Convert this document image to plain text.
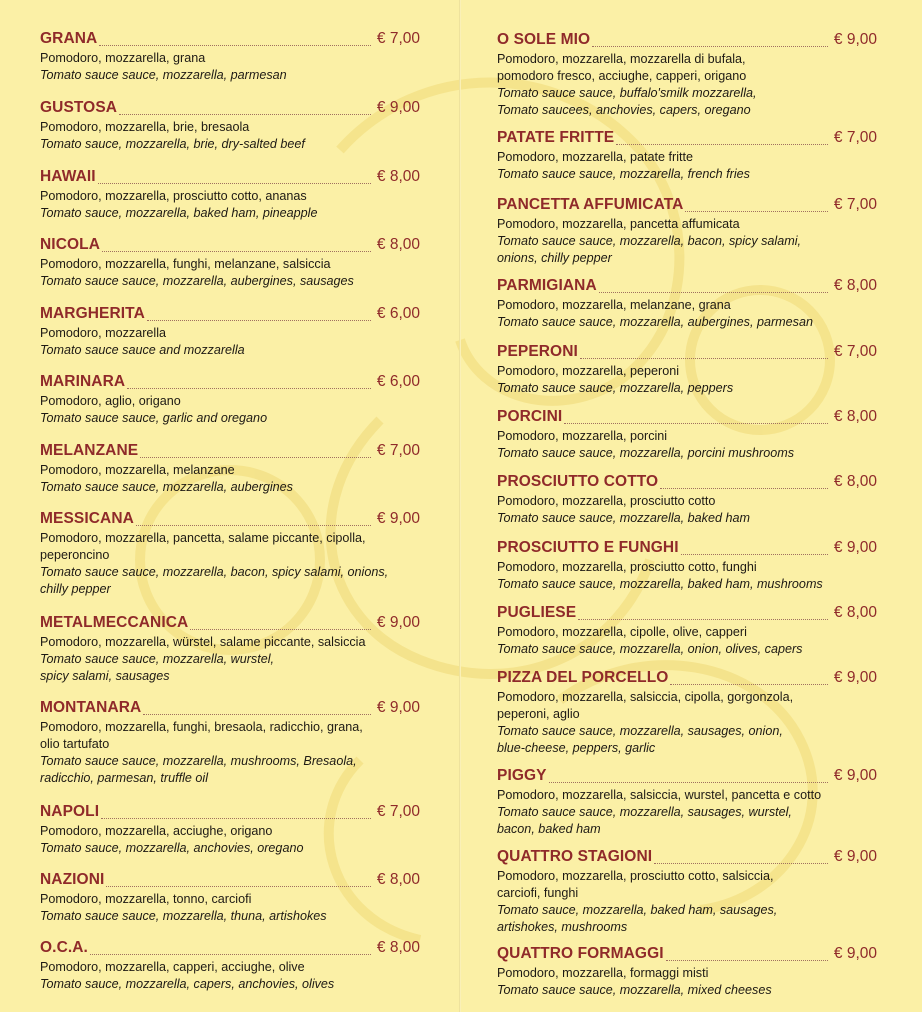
GRANA	€ 7,00
Pomodoro, mozzarella, grana
Tomato sauce sauce, mozzarella, parmesan
GUSTOSA	€ 9,00
Pomodoro, mozzarella, brie, bresaola
Tomato sauce, mozzarella, brie, dry-salted beef
HAWAII	€ 8,00
Pomodoro, mozzarella, prosciutto cotto, ananas
Tomato sauce, mozzarella, baked ham, pineapple
NICOLA	€ 8,00
Pomodoro, mozzarella, funghi, melanzane, salsiccia
Tomato sauce sauce, mozzarella, aubergines, sausages
MARGHERITA	€ 6,00
Pomodoro, mozzarella
Tomato sauce sauce and mozzarella
MARINARA	€ 6,00
Pomodoro, aglio, origano
Tomato sauce sauce, garlic and oregano
MELANZANE	€ 7,00
Pomodoro, mozzarella, melanzane
Tomato sauce sauce, mozzarella, aubergines
MESSICANA	€ 9,00
Pomodoro, mozzarella, pancetta, salame piccante, cipolla,
peperoncino
Tomato sauce sauce, mozzarella, bacon, spicy salami, onions,
chilly pepper
METALMECCANICA	€ 9,00
Pomodoro, mozzarella, würstel, salame piccante, salsiccia
Tomato sauce sauce, mozzarella, wurstel,
spicy salami, sausages
MONTANARA	€ 9,00
Pomodoro, mozzarella, funghi, bresaola, radicchio, grana,
olio tartufato
Tomato sauce sauce, mozzarella, mushrooms, Bresaola,
radicchio, parmesan, truffle oil
NAPOLI	€ 7,00
Pomodoro, mozzarella, acciughe, origano
Tomato sauce, mozzarella, anchovies, oregano
NAZIONI	€ 8,00
Pomodoro, mozzarella, tonno, carciofi
Tomato sauce sauce, mozzarella, thuna, artishokes
O.C.A.	€ 8,00
Pomodoro, mozzarella, capperi, acciughe, olive
Tomato sauce, mozzarella, capers, anchovies, olives
O SOLE MIO	€ 9,00
Pomodoro, mozzarella, mozzarella di bufala,
pomodoro fresco, acciughe, capperi, origano
Tomato sauce sauce, buffalo'smilk mozzarella,
Tomato saucees, anchovies, capers, oregano
PATATE FRITTE	€ 7,00
Pomodoro, mozzarella, patate fritte
Tomato sauce sauce, mozzarella, french fries
PANCETTA AFFUMICATA	€ 7,00
Pomodoro, mozzarella, pancetta affumicata
Tomato sauce sauce, mozzarella, bacon, spicy salami,
onions, chilly pepper
PARMIGIANA	€ 8,00
Pomodoro, mozzarella, melanzane, grana
Tomato sauce sauce, mozzarella, aubergines, parmesan
PEPERONI	€ 7,00
Pomodoro, mozzarella, peperoni
Tomato sauce sauce, mozzarella, peppers
PORCINI	€ 8,00
Pomodoro, mozzarella, porcini
Tomato sauce sauce, mozzarella, porcini mushrooms
PROSCIUTTO COTTO	€ 8,00
Pomodoro, mozzarella, prosciutto cotto
Tomato sauce sauce, mozzarella, baked ham
PROSCIUTTO E FUNGHI	€ 9,00
Pomodoro, mozzarella, prosciutto cotto, funghi
Tomato sauce sauce, mozzarella, baked ham, mushrooms
PUGLIESE	€ 8,00
Pomodoro, mozzarella, cipolle, olive, capperi
Tomato sauce sauce, mozzarella, onion, olives, capers
PIZZA DEL PORCELLO	€ 9,00
Pomodoro, mozzarella, salsiccia, cipolla, gorgonzola,
peperoni, aglio
Tomato sauce sauce, mozzarella, sausages, onion,
blue-cheese, peppers, garlic
PIGGY	€ 9,00
Pomodoro, mozzarella, salsiccia, wurstel, pancetta e cotto
Tomato sauce sauce, mozzarella, sausages, wurstel,
bacon, baked ham
QUATTRO STAGIONI	€ 9,00
Pomodoro, mozzarella, prosciutto cotto, salsiccia,
carciofi, funghi
Tomato sauce, mozzarella, baked ham, sausages,
artishokes, mushrooms
QUATTRO FORMAGGI	€ 9,00
Pomodoro, mozzarella, formaggi misti
Tomato sauce sauce, mozzarella, mixed cheeses
